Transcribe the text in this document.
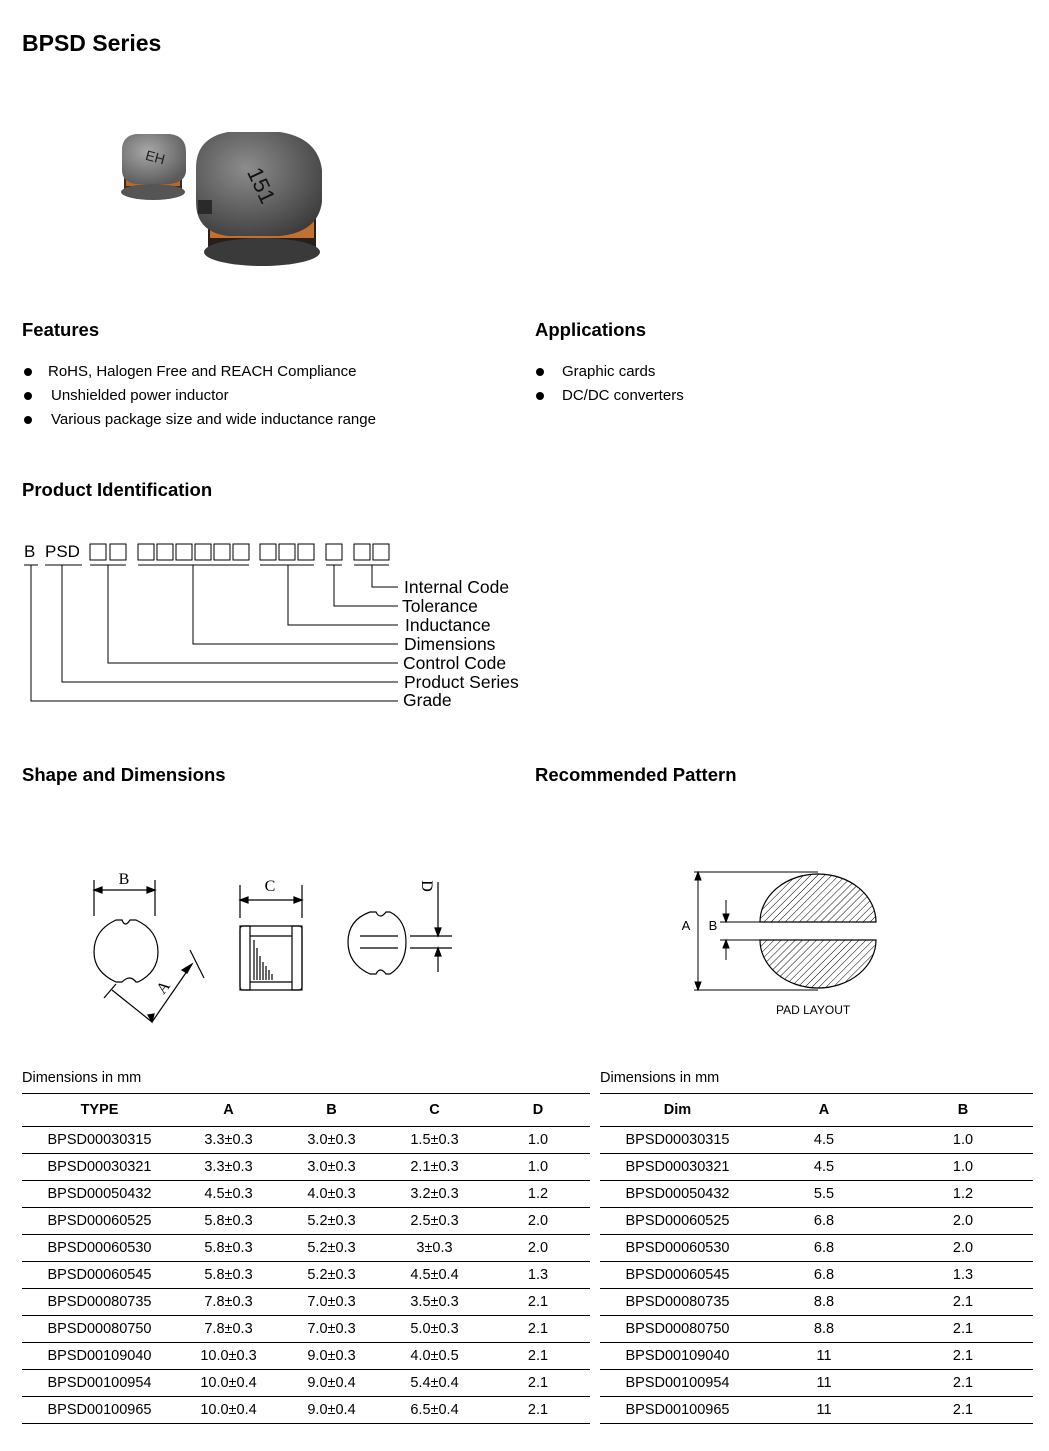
BPSD Series
EH
151
Features
RoHS, Halogen Free and REACH Compliance
Unshielded power inductor
Various package size and wide inductance range
Applications
Graphic cards
DC/DC converters
Product Identification
B PSD
Internal Code
Tolerance
Inductance
Dimensions
Control Code
Product Series
Grade
Shape and Dimensions	Recommended Pattern
B	C	D
A
A B
PAD LAYOUT
Dimensions in mm
TYPE	A	B	C	D
BPSD00030315	3.3±0.3	3.0±0.3	1.5±0.3	1.0
BPSD00030321	3.3±0.3	3.0±0.3	2.1±0.3	1.0
BPSD00050432	4.5±0.3	4.0±0.3	3.2±0.3	1.2
BPSD00060525	5.8±0.3	5.2±0.3	2.5±0.3	2.0
BPSD00060530	5.8±0.3	5.2±0.3	3±0.3	2.0
BPSD00060545	5.8±0.3	5.2±0.3	4.5±0.4	1.3
BPSD00080735	7.8±0.3	7.0±0.3	3.5±0.3	2.1
BPSD00080750	7.8±0.3	7.0±0.3	5.0±0.3	2.1
BPSD00109040	10.0±0.3	9.0±0.3	4.0±0.5	2.1
BPSD00100954	10.0±0.4	9.0±0.4	5.4±0.4	2.1
BPSD00100965	10.0±0.4	9.0±0.4	6.5±0.4	2.1
Dimensions in mm
Dim	A	B
BPSD00030315	4.5	1.0
BPSD00030321	4.5	1.0
BPSD00050432	5.5	1.2
BPSD00060525	6.8	2.0
BPSD00060530	6.8	2.0
BPSD00060545	6.8	1.3
BPSD00080735	8.8	2.1
BPSD00080750	8.8	2.1
BPSD00109040	11	2.1
BPSD00100954	11	2.1
BPSD00100965	11	2.1
